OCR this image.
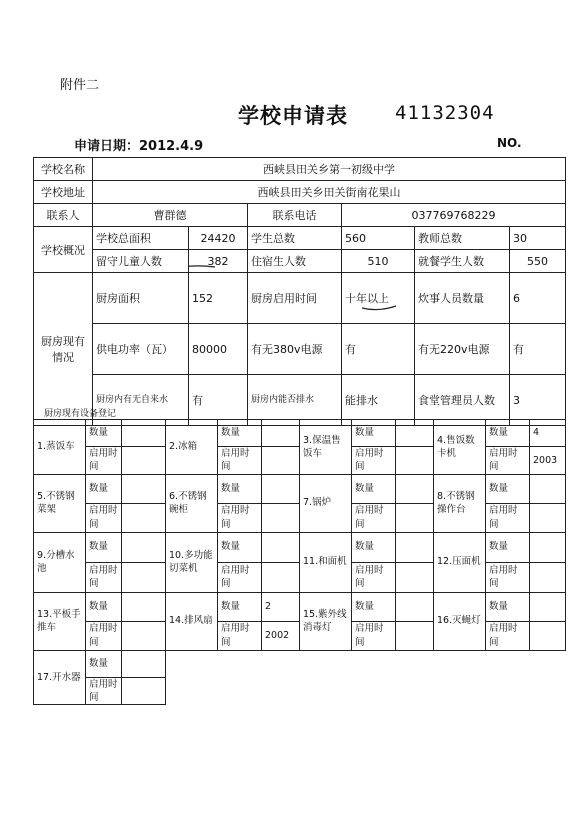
附件二
学校申请表 41132304
申请日期：2012.4.9	NO.
学校名称	西峡县田关乡第一初级中学					
学校地址	西峡县田关乡田关街南花果山					
联系人	曹群德		联系电话	037769768229		
学校概况	学校总面积	24420	学生总数	560	教师总数	30
	留守儿童人数	382	住宿生人数	510	就餐学生人数	550
厨房现有情况	厨房面积	152	厨房启用时间	十年以上	炊事人员数量	6
	供电功率（瓦）	80000	有无380v电源	有	有无220v电源	有
	厨房内有无自来水	有	厨房内能否排水	能排水	食堂管理员人数	3
厨房现有设备登记											
1.蒸饭车	数量		2.冰箱	数量		3.保温售饭车	数量		4.售饭数卡机	数量	4
	启用时间			启用时间			启用时间			启用时间	2003
5.不锈钢菜架	数量		6.不锈钢碗柜	数量		7.锅炉	数量		8.不锈钢操作台	数量	
	启用时间			启用时间			启用时间			启用时间	
9.分槽水池	数量		10.多功能切菜机	数量		11.和面机	数量		12.压面机	数量	
	启用时间			启用时间			启用时间			启用时间	
13.平板手推车	数量		14.排风扇	数量	2	15.紫外线消毒灯	数量		16.灭蝇灯	数量	
	启用时间			启用时间	2002		启用时间			启用时间	
17.开水器	数量										
	启用时间										
